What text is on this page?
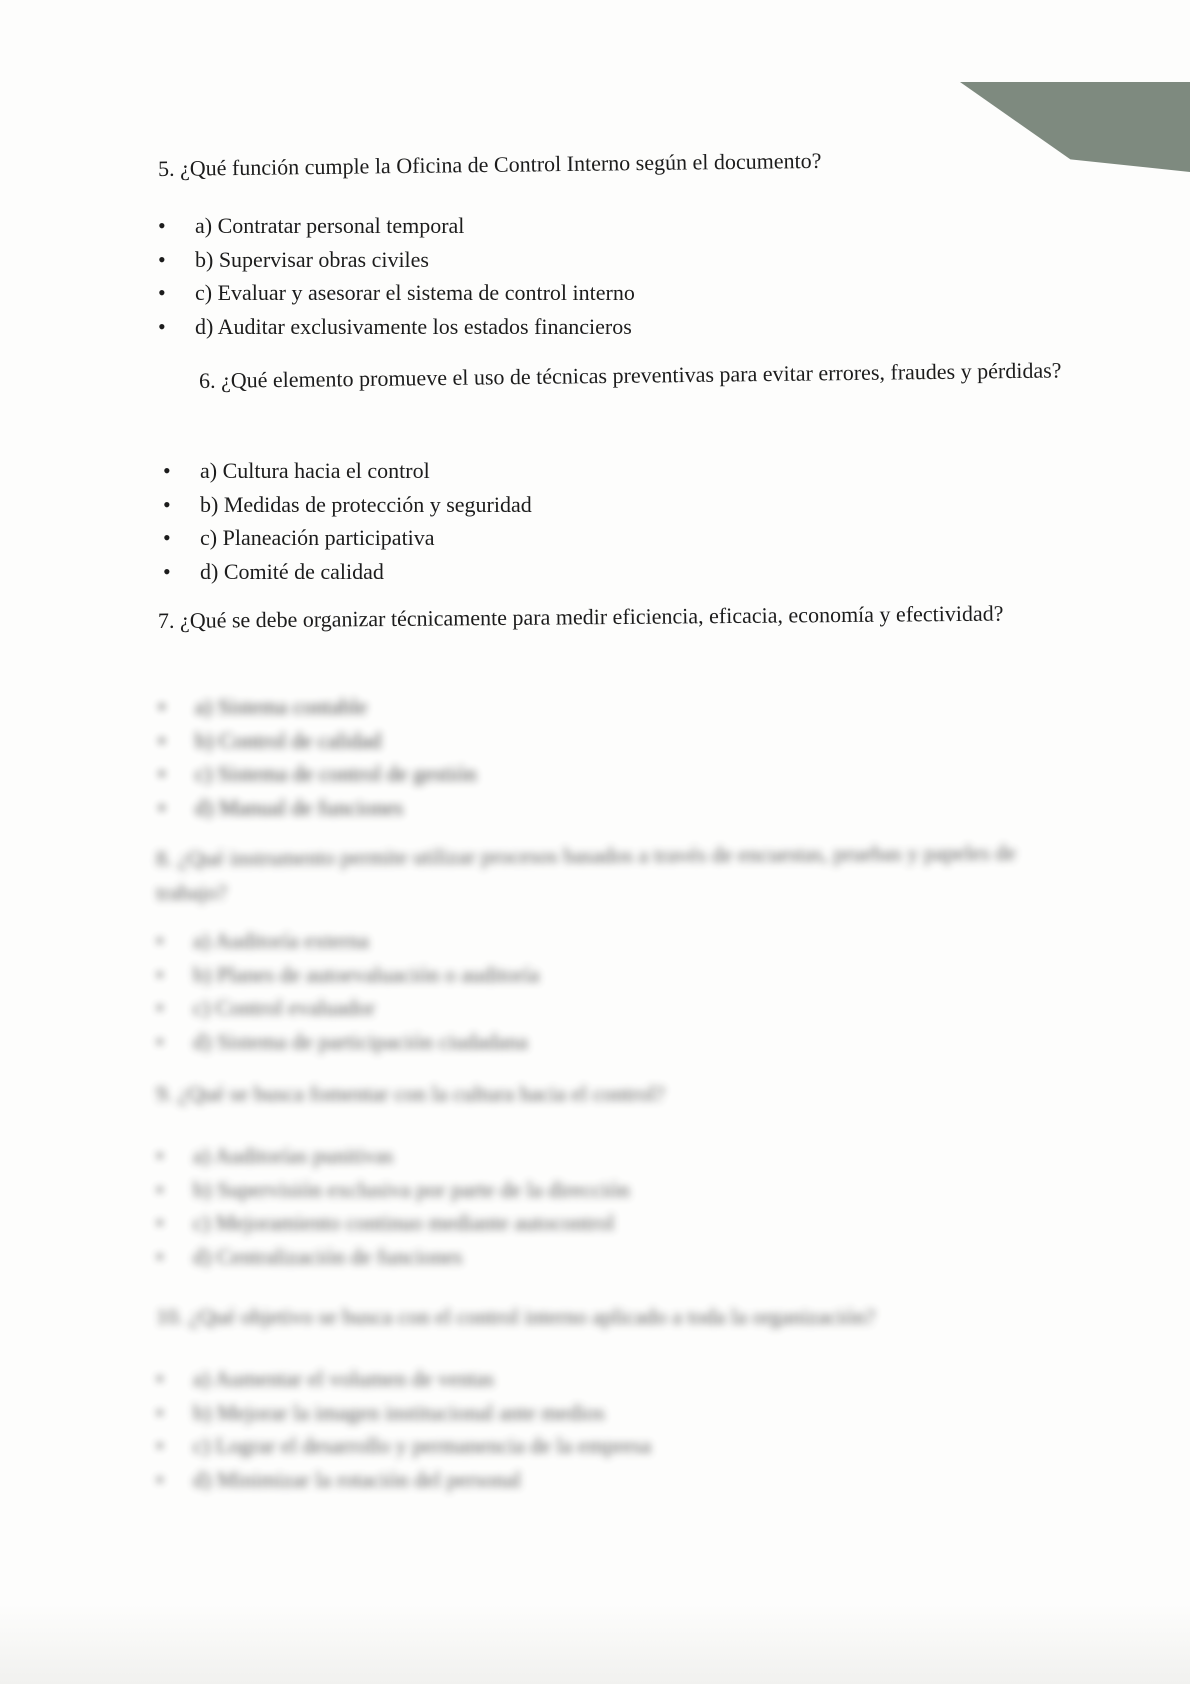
5. ¿Qué función cumple la Oficina de Control Interno según el documento?
• a) Contratar personal temporal
• b) Supervisar obras civiles
• c) Evaluar y asesorar el sistema de control interno
• d) Auditar exclusivamente los estados financieros
6. ¿Qué elemento promueve el uso de técnicas preventivas para evitar errores, fraudes y pérdidas?
• a) Cultura hacia el control
• b) Medidas de protección y seguridad
• c) Planeación participativa
• d) Comité de calidad
7. ¿Qué se debe organizar técnicamente para medir eficiencia, eficacia, economía y efectividad?
• a) Sistema contable
• b) Control de calidad
• c) Sistema de control de gestión
• d) Manual de funciones
8. ¿Qué instrumento permite utilizar procesos basados a través de encuestas, pruebas y papeles de trabajo?
• a) Auditoría externa
• b) Planes de autoevaluación o auditoría
• c) Control evaluador
• d) Sistema de participación ciudadana
9. ¿Qué se busca fomentar con la cultura hacia el control?
• a) Auditorías punitivas
• b) Supervisión exclusiva por parte de la dirección
• c) Mejoramiento continuo mediante autocontrol
• d) Centralización de funciones
10. ¿Qué objetivo se busca con el control interno aplicado a toda la organización?
• a) Aumentar el volumen de ventas
• b) Mejorar la imagen institucional ante medios
• c) Lograr el desarrollo y permanencia de la empresa
• d) Minimizar la rotación del personal
